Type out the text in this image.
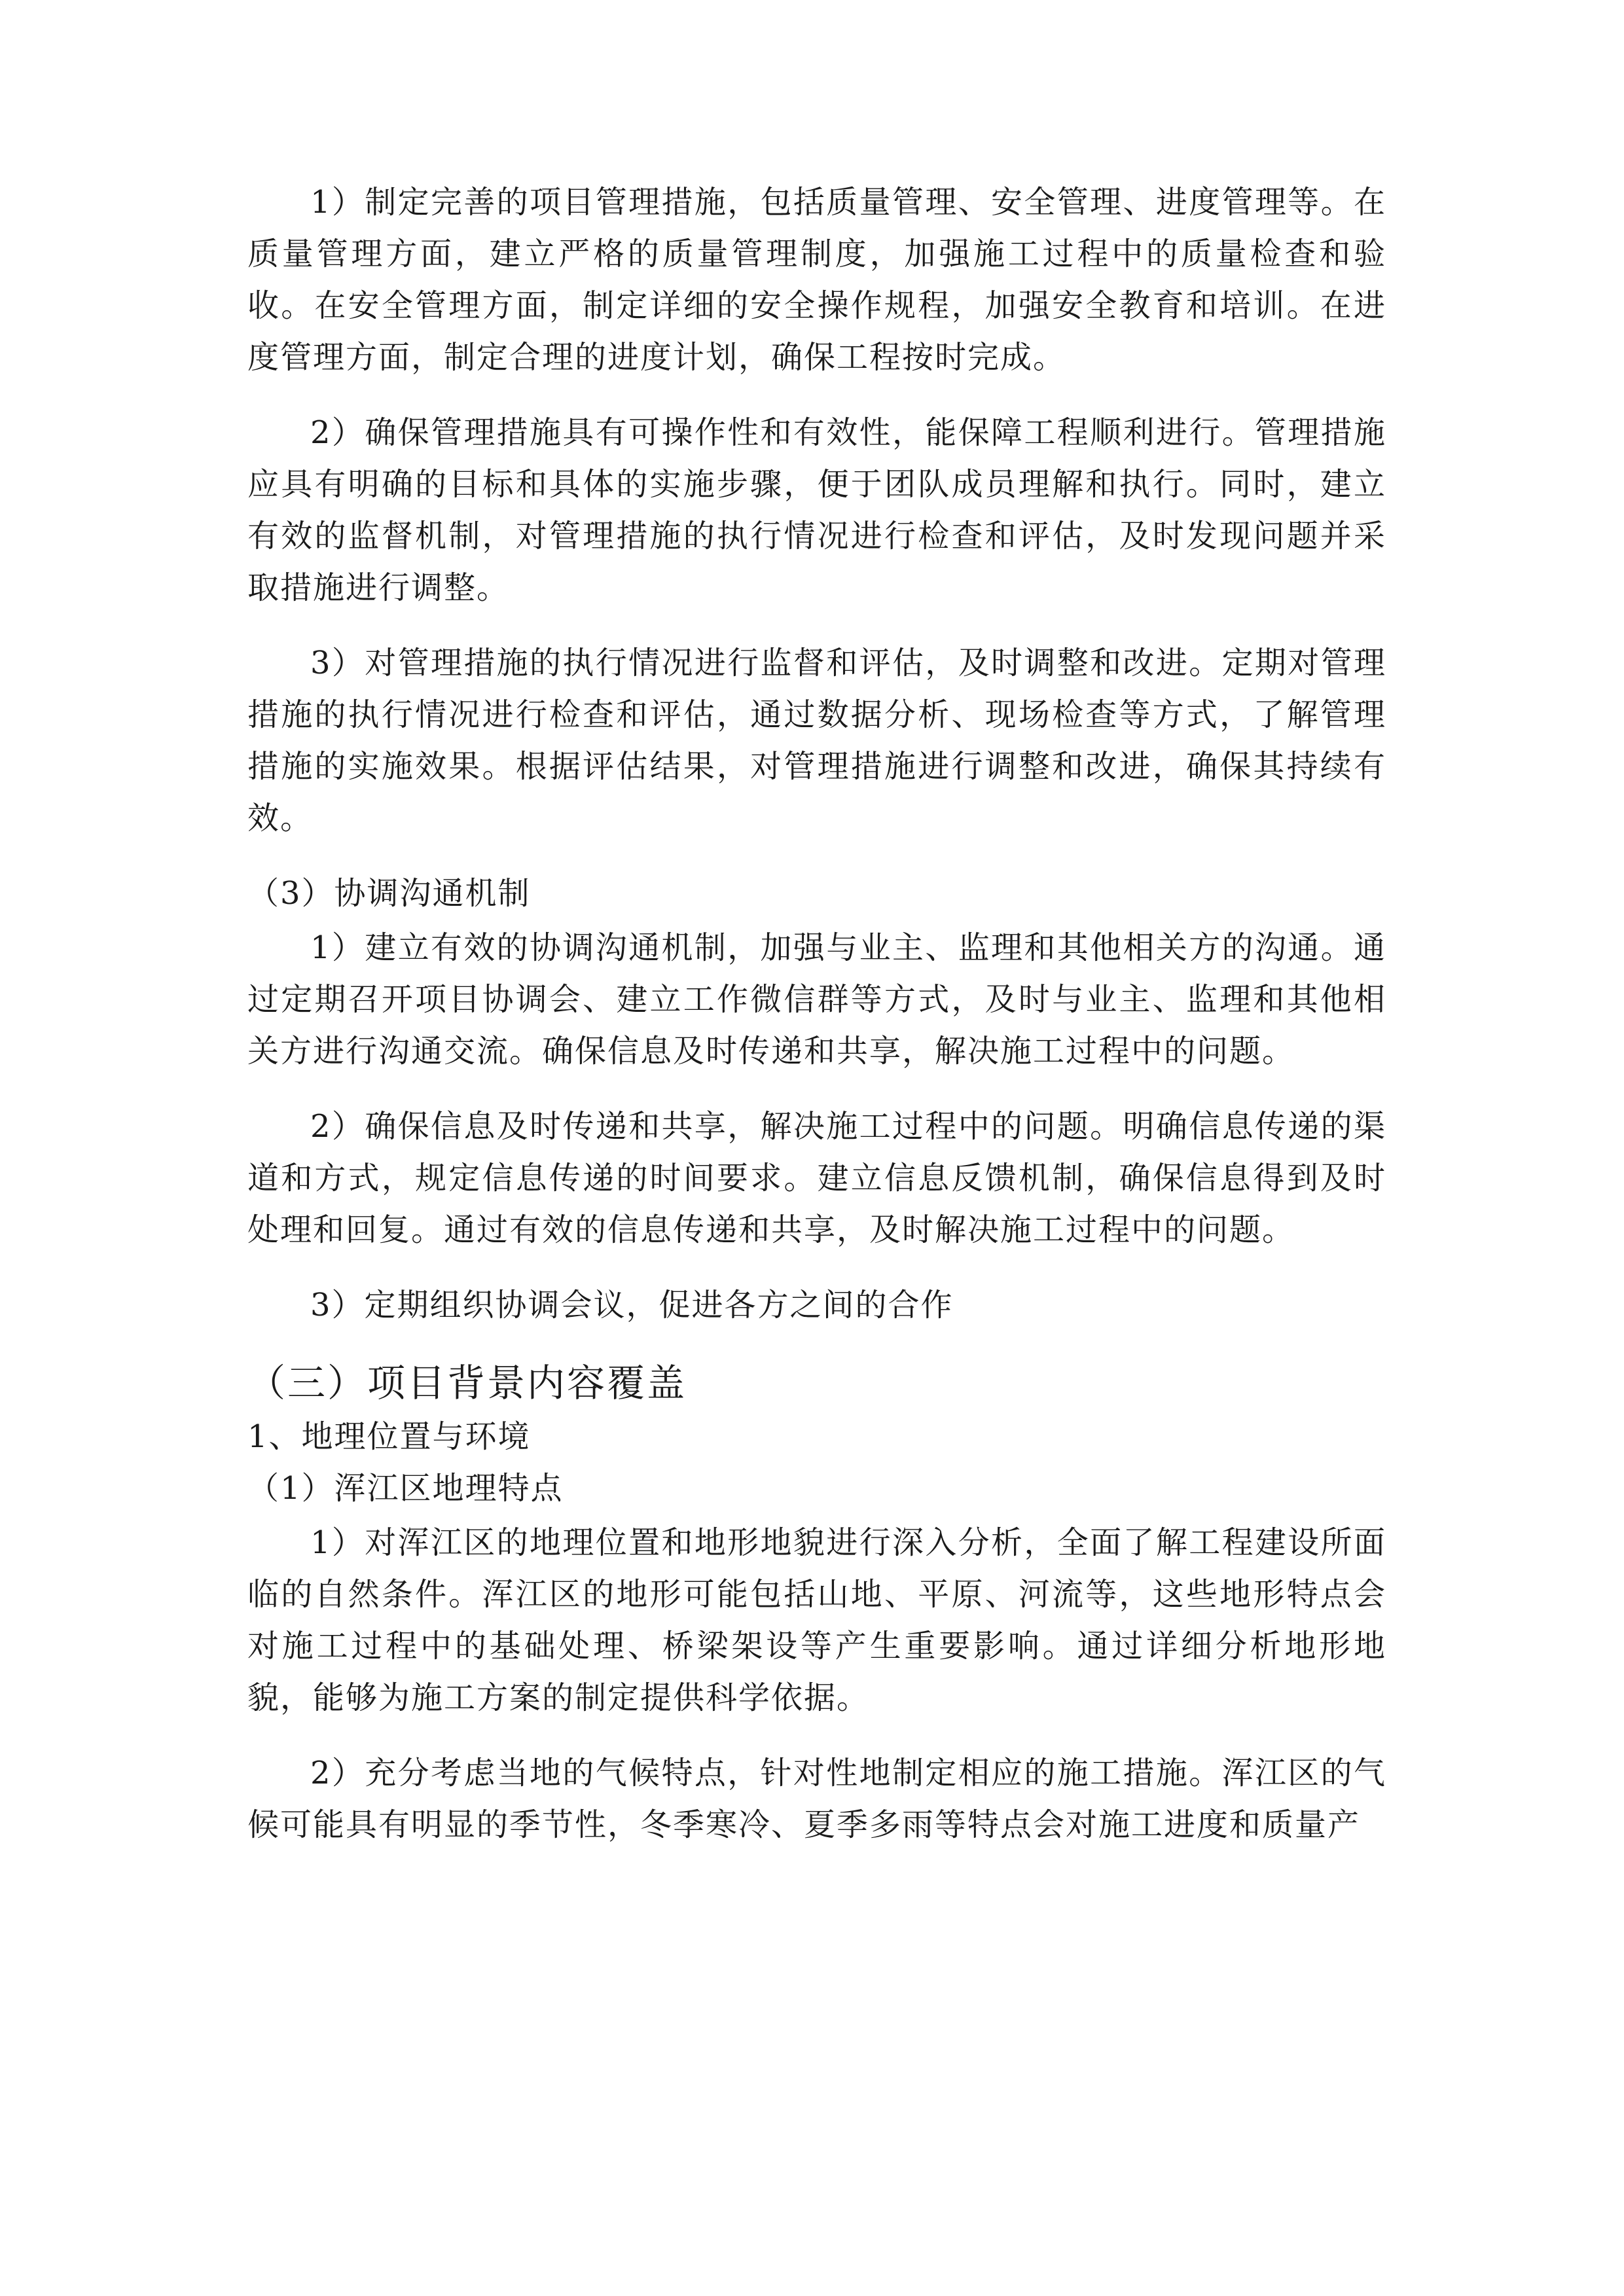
1）制定完善的项目管理措施，包括质量管理、安全管理、进度管理等。在质量管理方面，建立严格的质量管理制度，加强施工过程中的质量检查和验收。在安全管理方面，制定详细的安全操作规程，加强安全教育和培训。在进度管理方面，制定合理的进度计划，确保工程按时完成。

2）确保管理措施具有可操作性和有效性，能保障工程顺利进行。管理措施应具有明确的目标和具体的实施步骤，便于团队成员理解和执行。同时，建立有效的监督机制，对管理措施的执行情况进行检查和评估，及时发现问题并采取措施进行调整。

3）对管理措施的执行情况进行监督和评估，及时调整和改进。定期对管理措施的执行情况进行检查和评估，通过数据分析、现场检查等方式，了解管理措施的实施效果。根据评估结果，对管理措施进行调整和改进，确保其持续有效。

（3）协调沟通机制

1）建立有效的协调沟通机制，加强与业主、监理和其他相关方的沟通。通过定期召开项目协调会、建立工作微信群等方式，及时与业主、监理和其他相关方进行沟通交流。确保信息及时传递和共享，解决施工过程中的问题。

2）确保信息及时传递和共享，解决施工过程中的问题。明确信息传递的渠道和方式，规定信息传递的时间要求。建立信息反馈机制，确保信息得到及时处理和回复。通过有效的信息传递和共享，及时解决施工过程中的问题。

3）定期组织协调会议，促进各方之间的合作

（三）项目背景内容覆盖

1、地理位置与环境

（1）浑江区地理特点

1）对浑江区的地理位置和地形地貌进行深入分析，全面了解工程建设所面临的自然条件。浑江区的地形可能包括山地、平原、河流等，这些地形特点会对施工过程中的基础处理、桥梁架设等产生重要影响。通过详细分析地形地貌，能够为施工方案的制定提供科学依据。

2）充分考虑当地的气候特点，针对性地制定相应的施工措施。浑江区的气候可能具有明显的季节性，冬季寒冷、夏季多雨等特点会对施工进度和质量产
